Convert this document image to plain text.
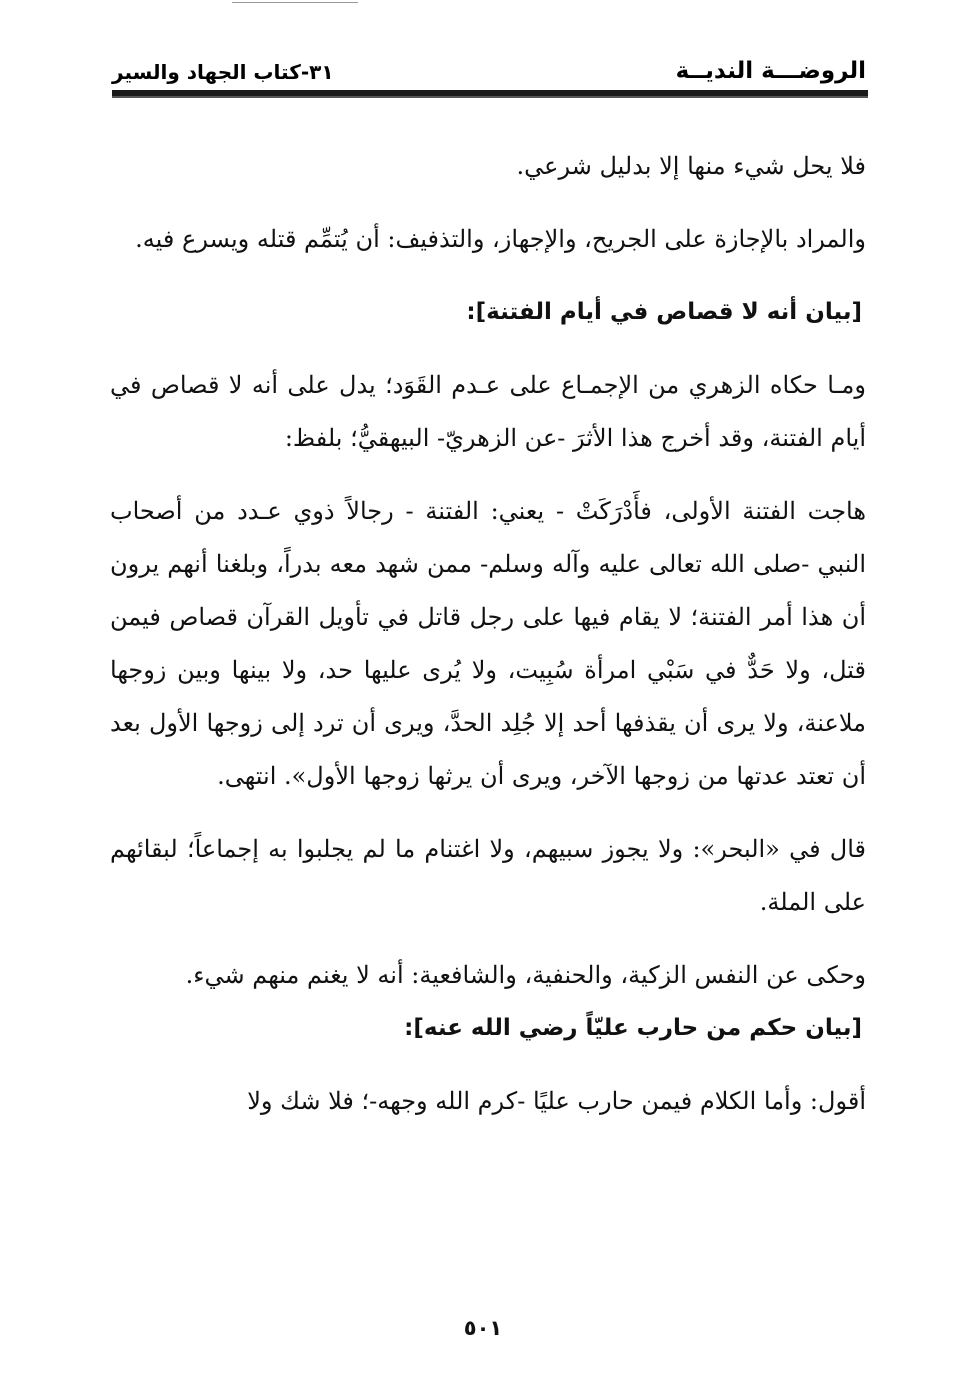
الروضـــة النديــة
٣١-كتاب الجهاد والسير

فلا يحل شيء منها إلا بدليل شرعي.

والمراد بالإجازة على الجريح، والإجهاز، والتذفيف: أن يُتمِّم قتله ويسرع فيه.

[بيان أنه لا قصاص في أيام الفتنة]:

ومـا حكاه الزهري من الإجمـاع على عـدم القَوَد؛ يدل على أنه لا قصاص في أيام الفتنة، وقد أخرج هذا الأثرَ -عن الزهريّ- البيهقيُّ؛ بلفظ:

هاجت الفتنة الأولى، فأَدْرَكَتْ - يعني: الفتنة - رجالاً ذوي عـدد من أصحاب النبي -صلى الله تعالى عليه وآله وسلم- ممن شهد معه بدراً، وبلغنا أنهم يرون أن هذا أمر الفتنة؛ لا يقام فيها على رجل قاتل في تأويل القرآن قصاص فيمن قتل، ولا حَدٌّ في سَبْي امرأة سُبِيت، ولا يُرى عليها حد، ولا بينها وبين زوجها ملاعنة، ولا يرى أن يقذفها أحد إلا جُلِد الحدَّ، ويرى أن ترد إلى زوجها الأول بعد أن تعتد عدتها من زوجها الآخر، ويرى أن يرثها زوجها الأول». انتهى.

قال في «البحر»: ولا يجوز سبيهم، ولا اغتنام ما لم يجلبوا به إجماعاً؛ لبقائهم على الملة.

وحكى عن النفس الزكية، والحنفية، والشافعية: أنه لا يغنم منهم شيء.

[بيان حكم من حارب عليّاً رضي الله عنه]:

أقول: وأما الكلام فيمن حارب عليًا -كرم الله وجهه-؛ فلا شك ولا

٥٠١
